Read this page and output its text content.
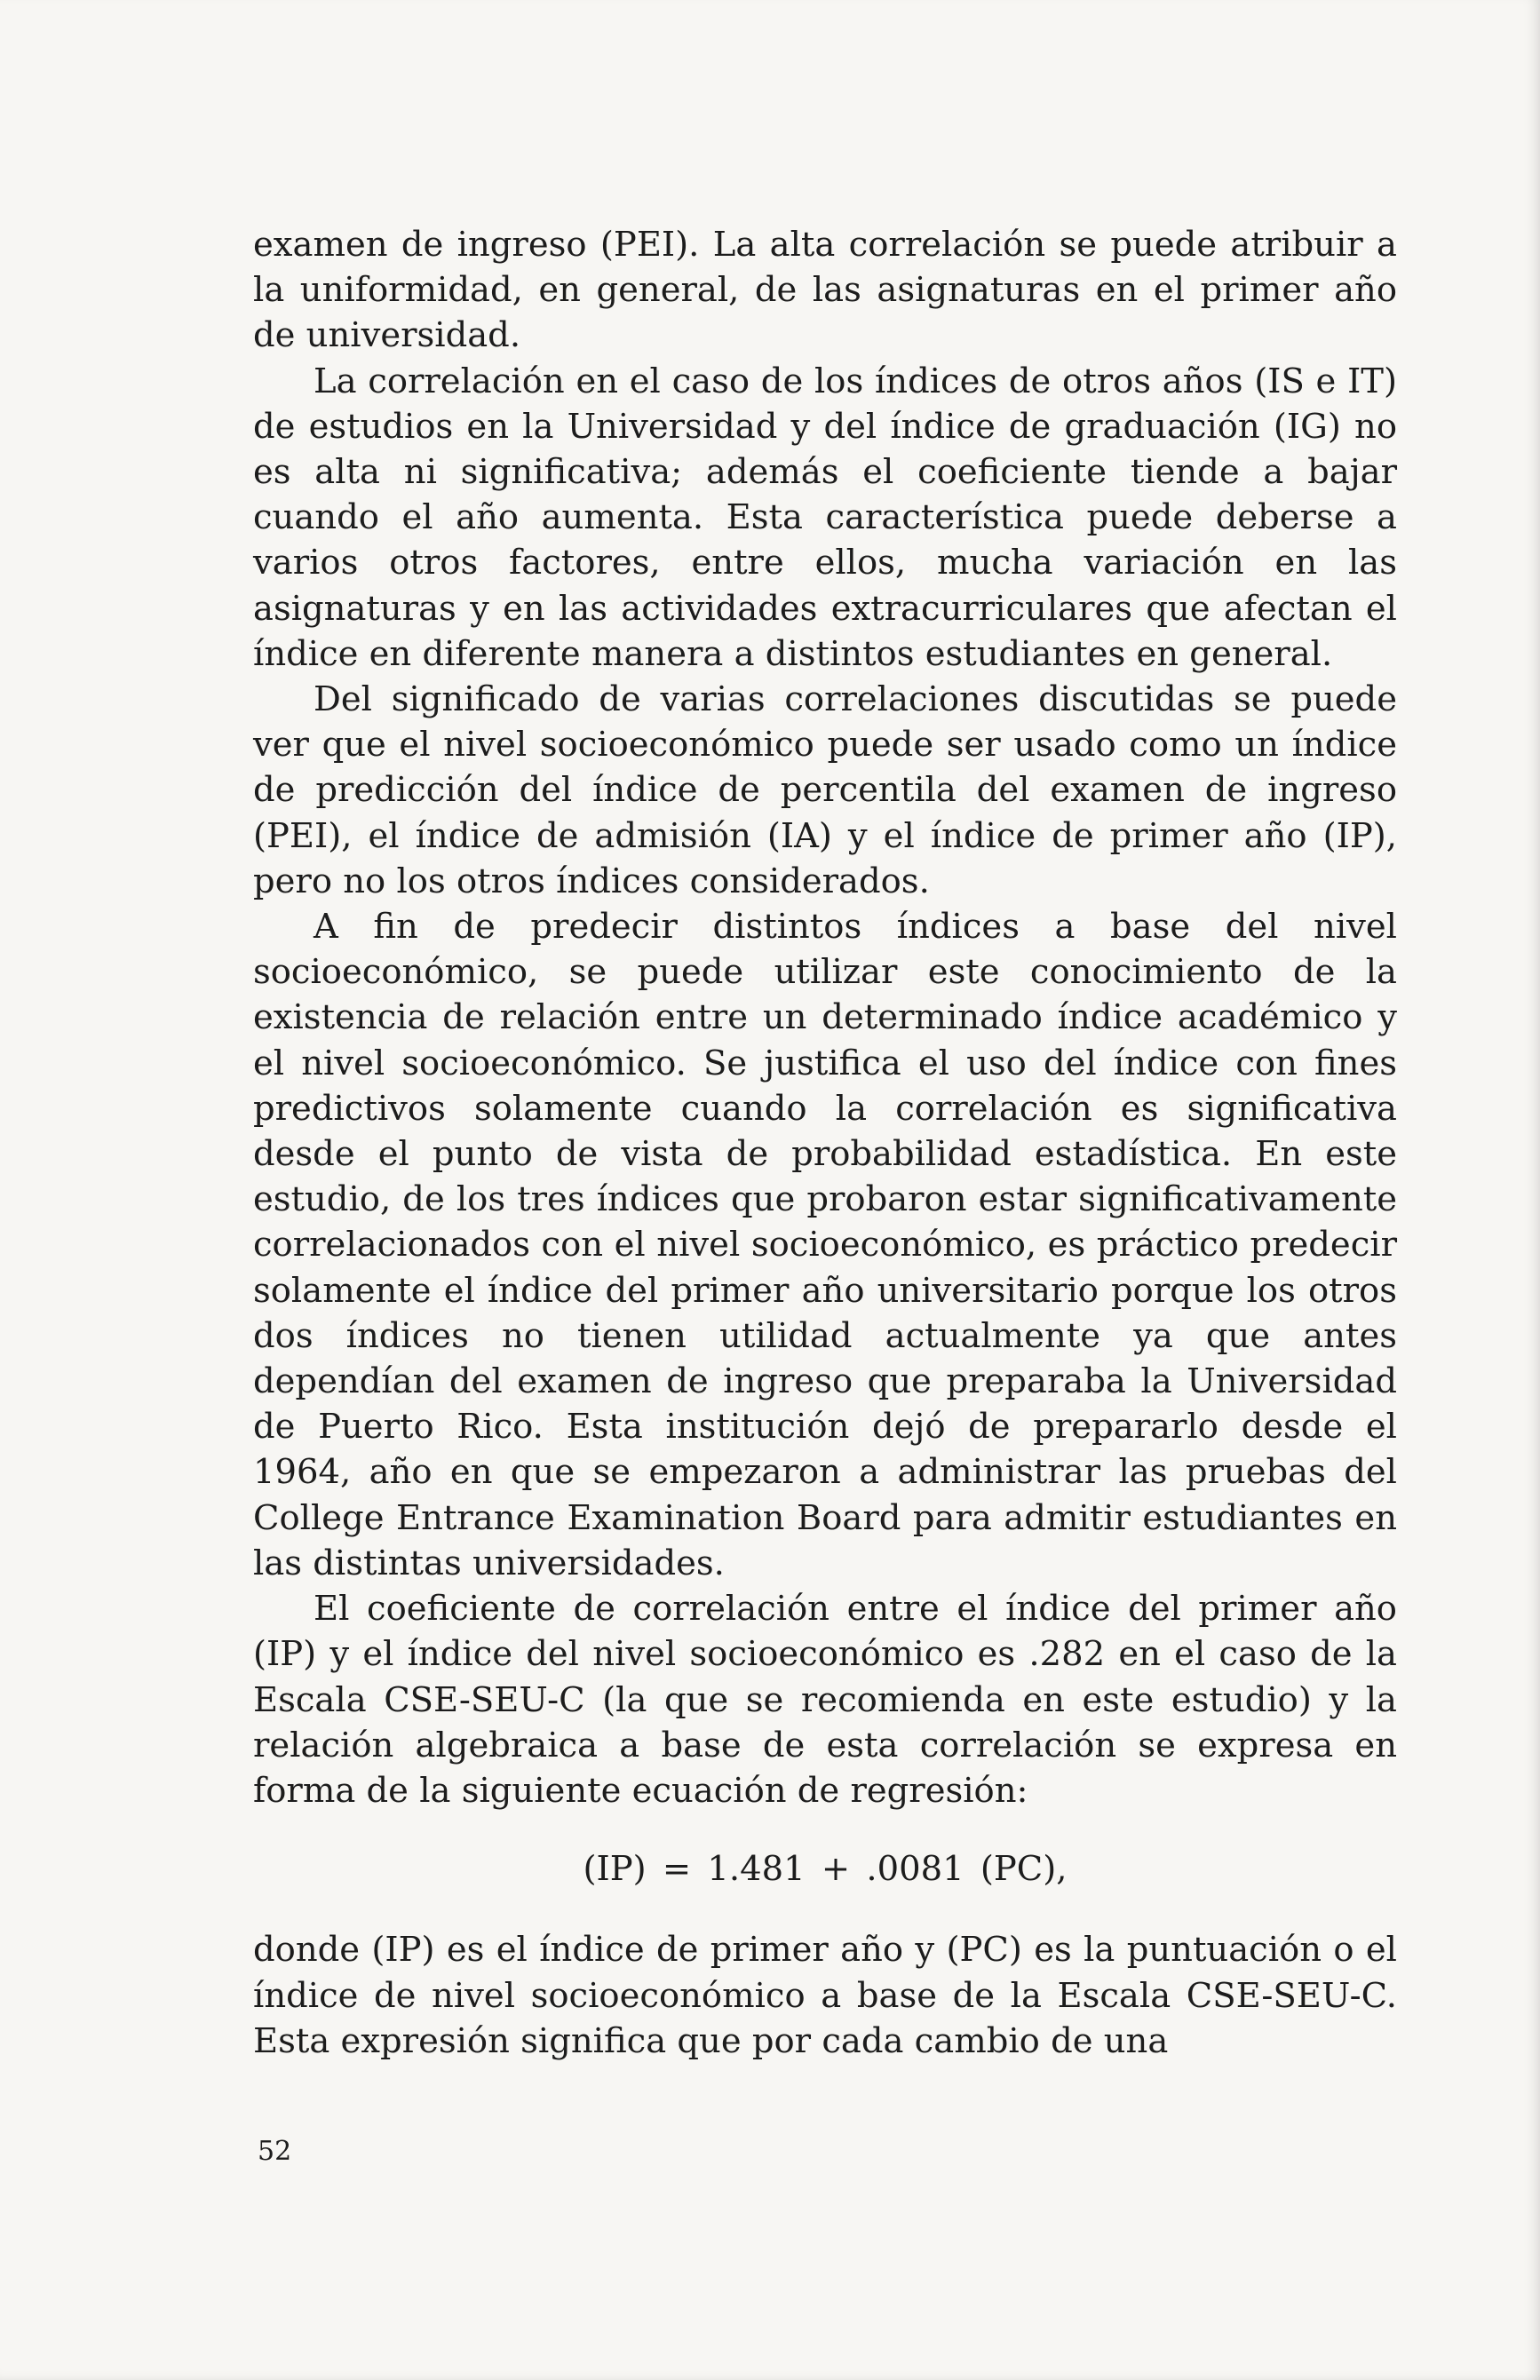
examen de ingreso (PEI). La alta correlación se puede atribuir a la uniformidad, en general, de las asignaturas en el primer año de universidad.

La correlación en el caso de los índices de otros años (IS e IT) de estudios en la Universidad y del índice de graduación (IG) no es alta ni significativa; además el coeficiente tiende a bajar cuando el año aumenta. Esta característica puede deberse a varios otros factores, entre ellos, mucha variación en las asignaturas y en las actividades extracurriculares que afectan el índice en diferente manera a distintos estudiantes en general.

Del significado de varias correlaciones discutidas se puede ver que el nivel socioeconómico puede ser usado como un índice de predicción del índice de percentila del examen de ingreso (PEI), el índice de admisión (IA) y el índice de primer año (IP), pero no los otros índices considerados.

A fin de predecir distintos índices a base del nivel socioeconómico, se puede utilizar este conocimiento de la existencia de relación entre un determinado índice académico y el nivel socioeconómico. Se justifica el uso del índice con fines predictivos solamente cuando la correlación es significativa desde el punto de vista de probabilidad estadística. En este estudio, de los tres índices que probaron estar significativamente correlacionados con el nivel socioeconómico, es práctico predecir solamente el índice del primer año universitario porque los otros dos índices no tienen utilidad actualmente ya que antes dependían del examen de ingreso que preparaba la Universidad de Puerto Rico. Esta institución dejó de prepararlo desde el 1964, año en que se empezaron a administrar las pruebas del College Entrance Examination Board para admitir estudiantes en las distintas universidades.

El coeficiente de correlación entre el índice del primer año (IP) y el índice del nivel socioeconómico es .282 en el caso de la Escala CSE-SEU-C (la que se recomienda en este estudio) y la relación algebraica a base de esta correlación se expresa en forma de la siguiente ecuación de regresión:

(IP) = 1.481 + .0081 (PC),

donde (IP) es el índice de primer año y (PC) es la puntuación o el índice de nivel socioeconómico a base de la Escala CSE-SEU-C. Esta expresión significa que por cada cambio de una

52
